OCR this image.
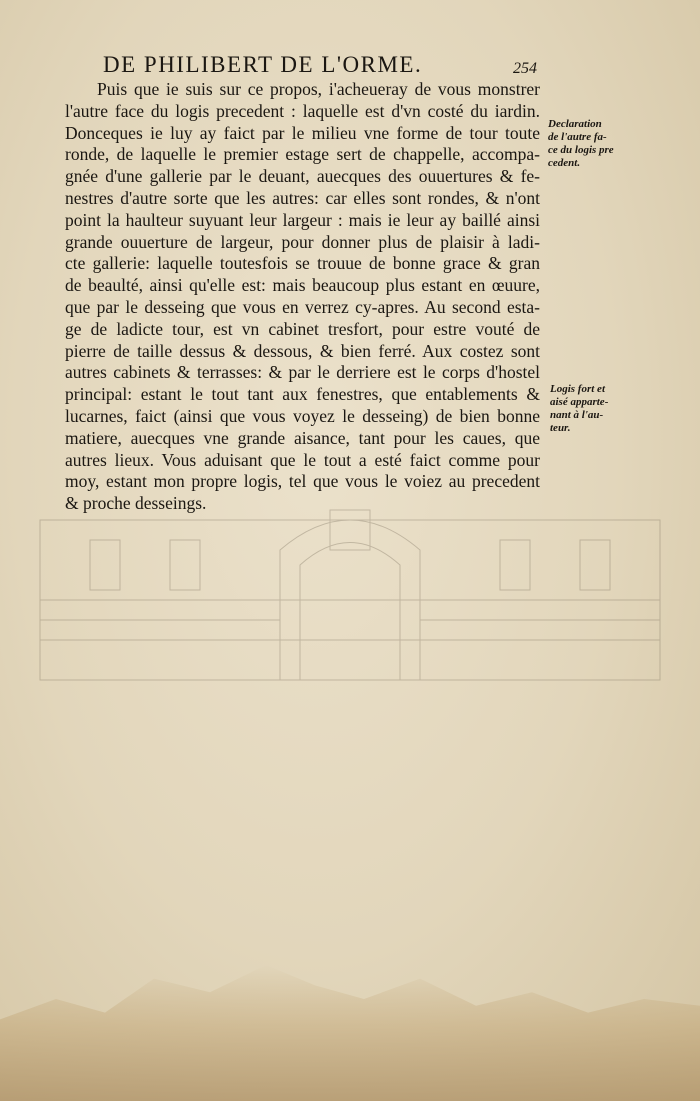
DE PHILIBERT DE L'ORME.	254
Puis que ie suis sur ce propos, i'acheueray de vous monstrer
l'autre face du logis precedent : laquelle est d'vn costé du iardin.
Donceques ie luy ay faict par le milieu vne forme de tour toute
ronde, de laquelle le premier estage sert de chappelle, accompa-
gnée d'une gallerie par le deuant, auecques des ouuertures & fe-
nestres d'autre sorte que les autres: car elles sont rondes, & n'ont
point la haulteur suyuant leur largeur : mais ie leur ay baillé ainsi
grande ouuerture de largeur, pour donner plus de plaisir à ladi-
cte gallerie: laquelle toutesfois se trouue de bonne grace & gran
de beaulté, ainsi qu'elle est: mais beaucoup plus estant en œuure,
que par le desseing que vous en verrez cy-apres. Au second esta-
ge de ladicte tour, est vn cabinet tresfort, pour estre vouté de
pierre de taille dessus & dessous, & bien ferré. Aux costez sont
autres cabinets & terrasses: & par le derriere est le corps d'hostel
principal: estant le tout tant aux fenestres, que entablements &
lucarnes, faict (ainsi que vous voyez le desseing) de bien bonne
matiere, auecques vne grande aisance, tant pour les caues, que
autres lieux. Vous aduisant que le tout a esté faict comme pour
moy, estant mon propre logis, tel que vous le voiez au precedent
& proche desseings.
Declaration
de l'autre fa-
ce du logis pre
cedent.
Logis fort et
aisé apparte-
nant à l'au-
teur.
